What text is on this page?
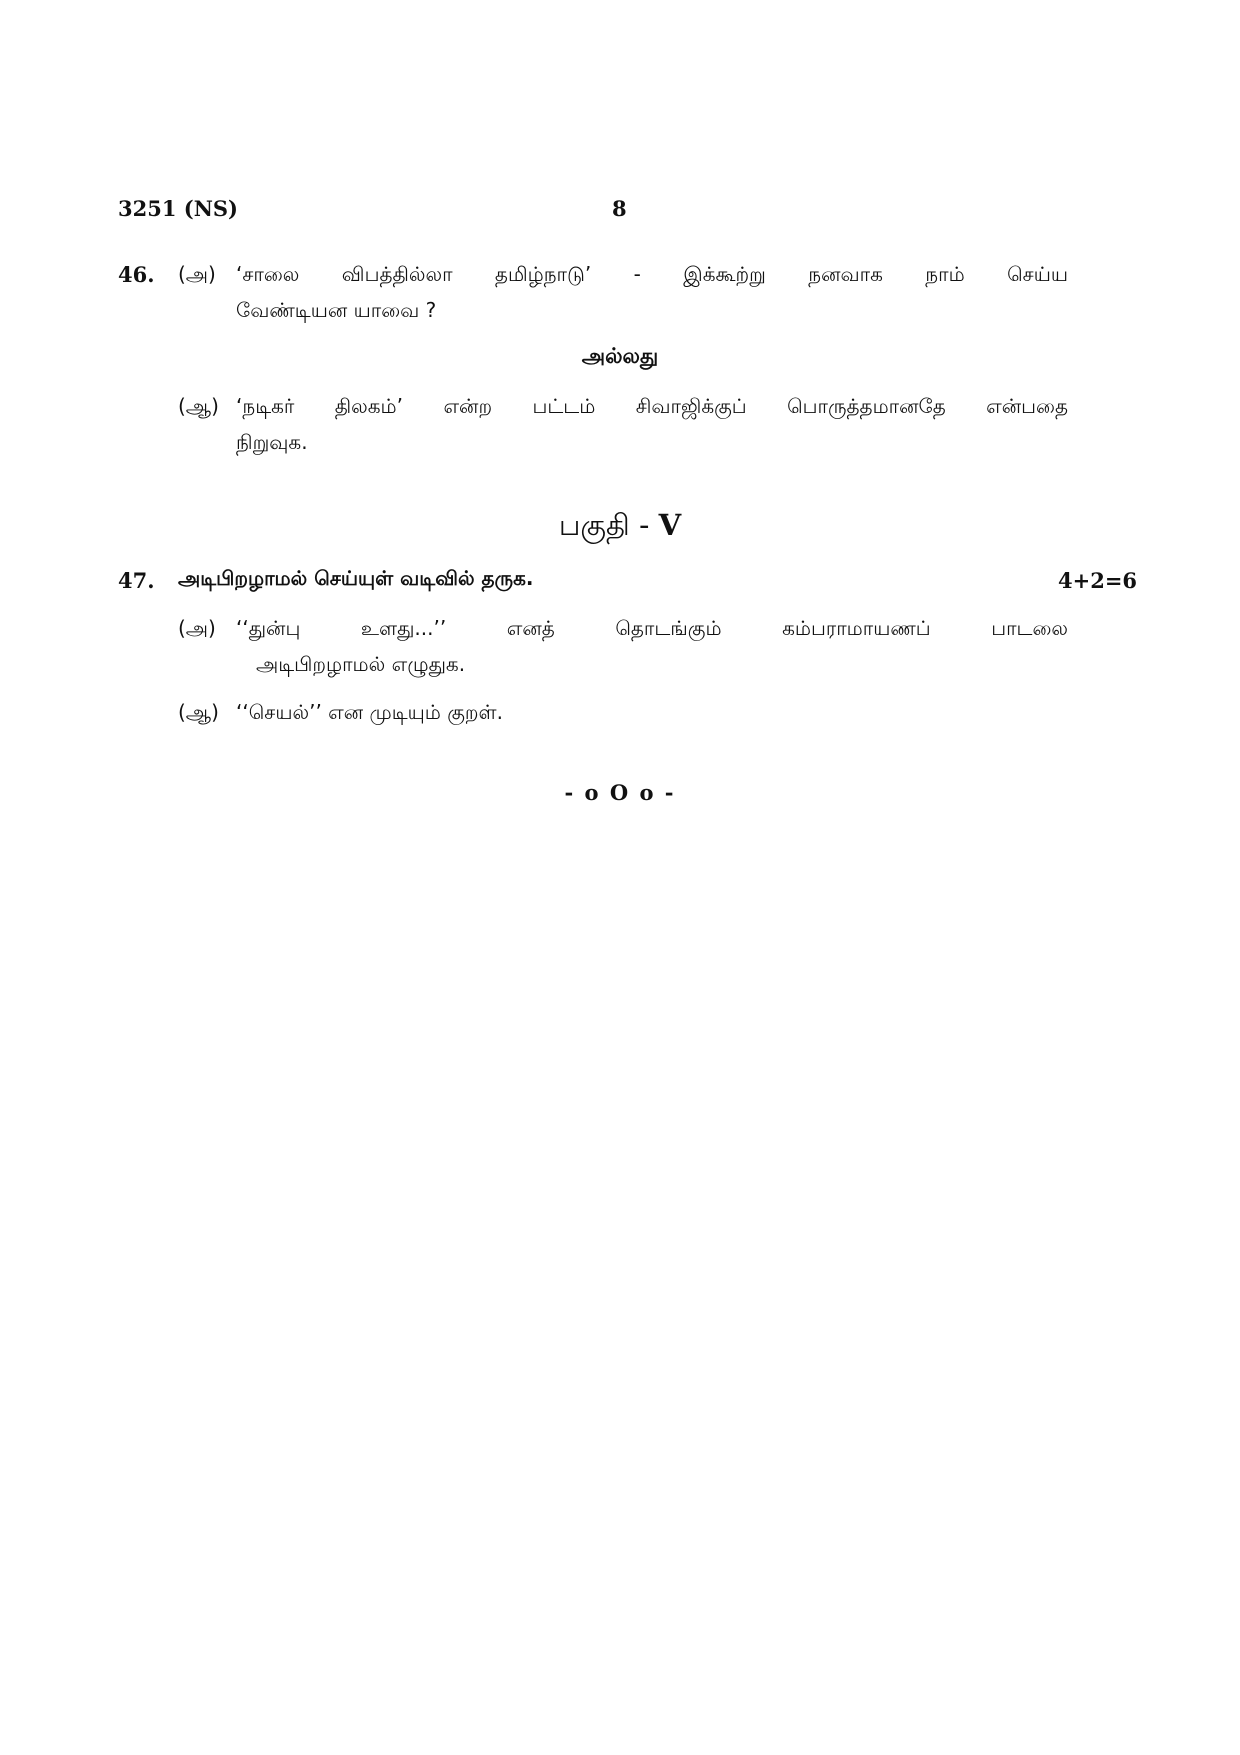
3251 (NS)	8
46. (அ) ‘சாலை விபத்தில்லா தமிழ்நாடு’ - இக்கூற்று நனவாக நாம் செய்ய
வேண்டியன யாவை ?
அல்லது
(ஆ) ‘நடிகர் திலகம்’ என்ற பட்டம் சிவாஜிக்குப் பொருத்தமானதே என்பதை
நிறுவுக.
பகுதி - V
47. அடிபிறழாமல் செய்யுள் வடிவில் தருக.	4+2=6
(அ) ‘‘துன்பு உளது...’’ எனத் தொடங்கும் கம்பராமாயணப் பாடலை
அடிபிறழாமல் எழுதுக.
(ஆ) ‘‘செயல்’’ என முடியும் குறள்.
- o O o -
